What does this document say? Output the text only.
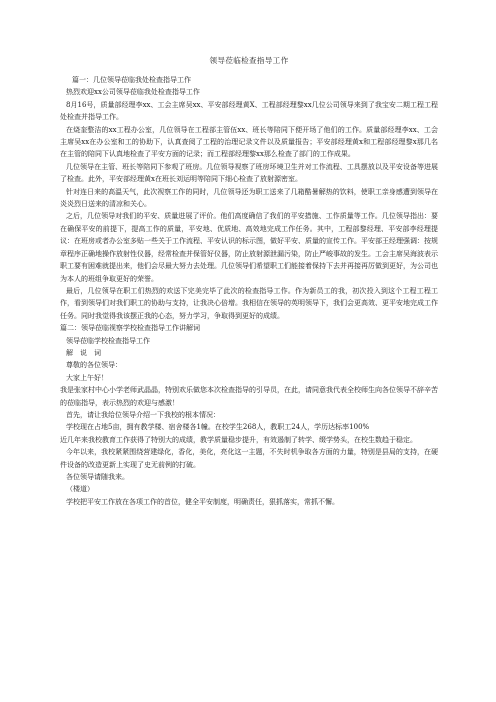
领导莅临检查指导工作

篇一：几位领导莅临我处检查指导工作

热烈欢迎xx公司领导莅临我处检查指导工作

8月16号，质量部经理李xx、工会主席吴xx、平安部经理黄X、工程部经理黎xx几位公司领导来到了我宝安二期工程工程处检查并指导工作。

在烧奎整洁的xx工程办公室，几位领导在工程部主管伍xx、班长等陪同下便开场了他们的工作。质量部经理李xx、工会主席吴xx在办公室和工的协助下，认真查阅了工程的治理记录文件以及质量报告；平安部经理黄x和工程部经理黎x那几名在主管的陪同下认真地检查了平安方面的记录；而工程部经理黎xx那么检查了部门的工作成果。

几位领导在主管、班长等陪同下参观了班房。几位领导视察了班房环境卫生并对工作流程、工具摆放以及平安设备等进展了检查。此外，平安部经理黄x在班长刘运明等陪同下细心检查了放射源密室。

针对连日来的高温天气，此次视察工作的同时，几位领导还为职工送来了几箱酷暑解热的饮料，使职工亲身感遭到领导在炎炎烈日送来的清凉和关心。

之后，几位领导对我们的平安、质量进展了评价。他们高度确信了我们的平安措施、工作质量等工作。几位领导指出：要在确保平安的前提下，提高工作的质量，平安地、优质地、高效地完成工作任务。其中，工程部黎经理、平安部李经理提议：在班房或者办公室多贴一些关于工作流程、平安认识的标示图，做好平安、质量的宣传工作。平安部王经理强调：按规章程序正确地操作放射性仪器，经常检查并保管好仪器，防止放射源泄漏污染，防止严峻事故的发生。工会主席吴海波表示职工要有困难就提出来，他们会尽最大努力去处理。几位领导们希望职工们能接着保持下去并再接再厉做到更好，为公司也为本人的班组争取更好的荣誉。

最后，几位领导在职工们热烈的欢送下完美完毕了此次的检查指导工作。作为新员工的我，初次投入到这个工程工程工作，看到领导们对我们职工的协助与支持，让我决心倍增。我相信在领导的英明领导下，我们会更高效、更平安地完成工作任务。同时我觉得我该摆正我的心态，努力学习，争取得到更好的成绩。

篇二：领导莅临视察学校检查指导工作讲解词

领导莅临学校检查指导工作

解　说　词

尊敬的各位领导：

大家上午好！

我是张家村中心小学老师武晶晶，特别欢乐做您本次检查指导的引导员，在此，请同意我代表全校师生向各位领导不辞辛苦的莅临指导，表示热烈的欢迎与感激！

首先，请让我给位领导介绍一下我校的根本情况：

学校现在占地5亩，拥有教学楼、宿舍楼各1幢。在校学生268人，教职工24人，学历达标率100%

近几年来我校教育工作获得了特别大的成绩，教学质量稳步提升，有效遏制了转学、缀学势头，在校生数趋于稳定。

今年以来，我校紧紧围绕营建绿化，香化，美化，亮化这一主题，不失时机争取各方面的力量，特别是县局的支持，在硬件设备的改造更新上实现了史无前例的打破。

各位领导请随我来。

（楼道）

学校把平安工作放在各项工作的首位，健全平安制度，明确责任，狠抓落实，常抓不懈。
